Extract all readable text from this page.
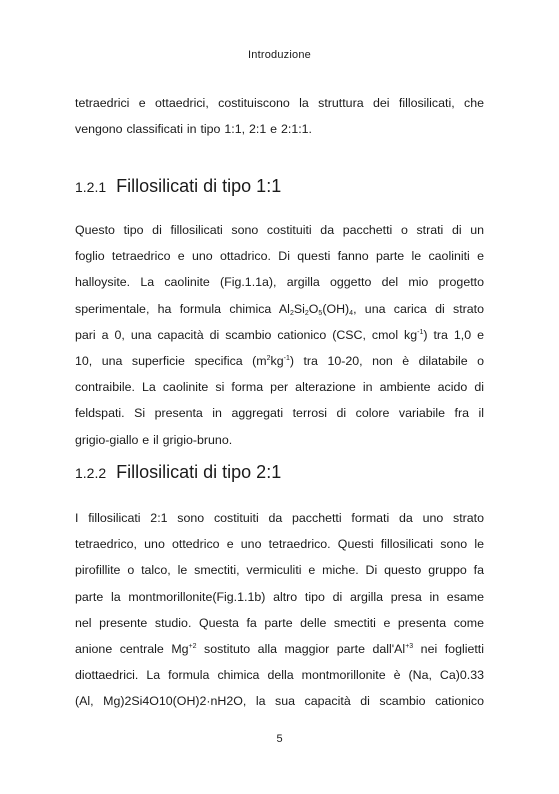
Introduzione
tetraedrici e ottaedrici, costituiscono la struttura dei fillosilicati, che
vengono classificati in tipo 1:1, 2:1 e 2:1:1.
1.2.1 Fillosilicati di tipo 1:1
Questo tipo di fillosilicati sono costituiti da pacchetti o strati di un
foglio tetraedrico e uno ottadrico. Di questi fanno parte le caoliniti e
halloysite. La caolinite (Fig.1.1a), argilla oggetto del mio progetto
sperimentale, ha formula chimica $Al_2Si_2O_5(OH)_4$, una carica di strato
pari a 0, una capacità di scambio cationico (CSC, cmol $kg^{-1}$) tra 1,0 e
10, una superficie specifica $(m^2kg^{-1})$ tra 10-20, non è dilatabile o
contraibile. La caolinite si forma per alterazione in ambiente acido di
feldspati. Si presenta in aggregati terrosi di colore variabile fra il
grigio-giallo e il grigio-bruno.
1.2.2 Fillosilicati di tipo 2:1
I fillosilicati 2:1 sono costituiti da pacchetti formati da uno strato
tetraedrico, uno ottedrico e uno tetraedrico. Questi fillosilicati sono le
pirofillite o talco, le smectiti, vermiculiti e miche. Di questo gruppo fa
parte la montmorillonite(Fig.1.1b) altro tipo di argilla presa in esame
nel presente studio. Questa fa parte delle smectiti e presenta come
anione centrale $Mg^{+2}$ sostituto alla maggior parte $dall'Al^{+3}$ nei foglietti
diottaedrici. La formula chimica della montmorillonite è (Na, Ca)0.33
(Al, Mg)2Si4O10(OH)2·nH2O, la sua capacità di scambio cationico
5
